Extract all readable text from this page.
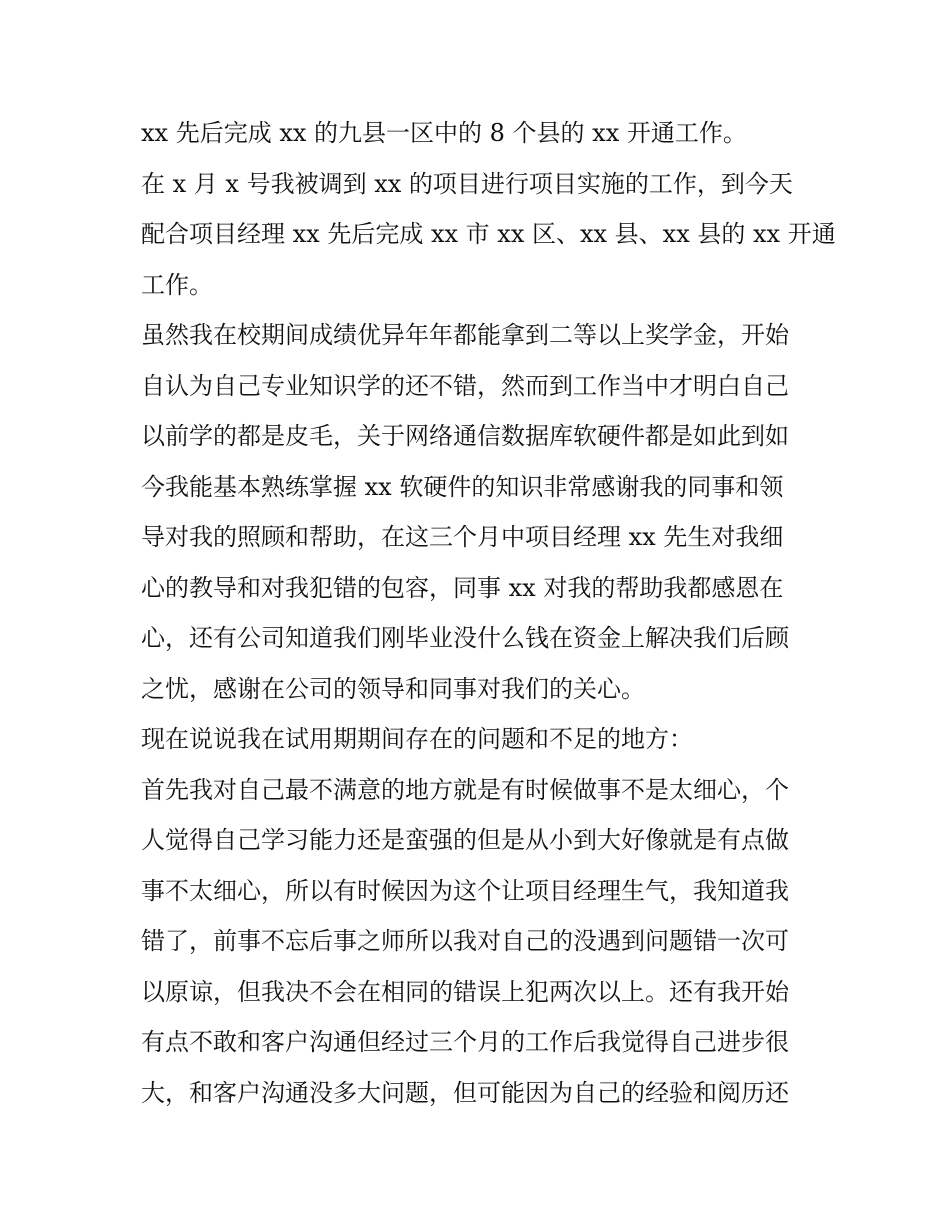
xx 先后完成 xx 的九县一区中的 8 个县的 xx 开通工作。
在 x 月 x 号我被调到 xx 的项目进行项目实施的工作，到今天
配合项目经理 xx 先后完成 xx 市 xx 区、xx 县、xx 县的 xx 开通
工作。
虽然我在校期间成绩优异年年都能拿到二等以上奖学金，开始
自认为自己专业知识学的还不错，然而到工作当中才明白自己
以前学的都是皮毛，关于网络通信数据库软硬件都是如此到如
今我能基本熟练掌握 xx 软硬件的知识非常感谢我的同事和领
导对我的照顾和帮助，在这三个月中项目经理 xx 先生对我细
心的教导和对我犯错的包容，同事 xx 对我的帮助我都感恩在
心，还有公司知道我们刚毕业没什么钱在资金上解决我们后顾
之忧，感谢在公司的领导和同事对我们的关心。
现在说说我在试用期期间存在的问题和不足的地方：
首先我对自己最不满意的地方就是有时候做事不是太细心，个
人觉得自己学习能力还是蛮强的但是从小到大好像就是有点做
事不太细心，所以有时候因为这个让项目经理生气，我知道我
错了，前事不忘后事之师所以我对自己的没遇到问题错一次可
以原谅，但我决不会在相同的错误上犯两次以上。还有我开始
有点不敢和客户沟通但经过三个月的工作后我觉得自己进步很
大，和客户沟通没多大问题，但可能因为自己的经验和阅历还
